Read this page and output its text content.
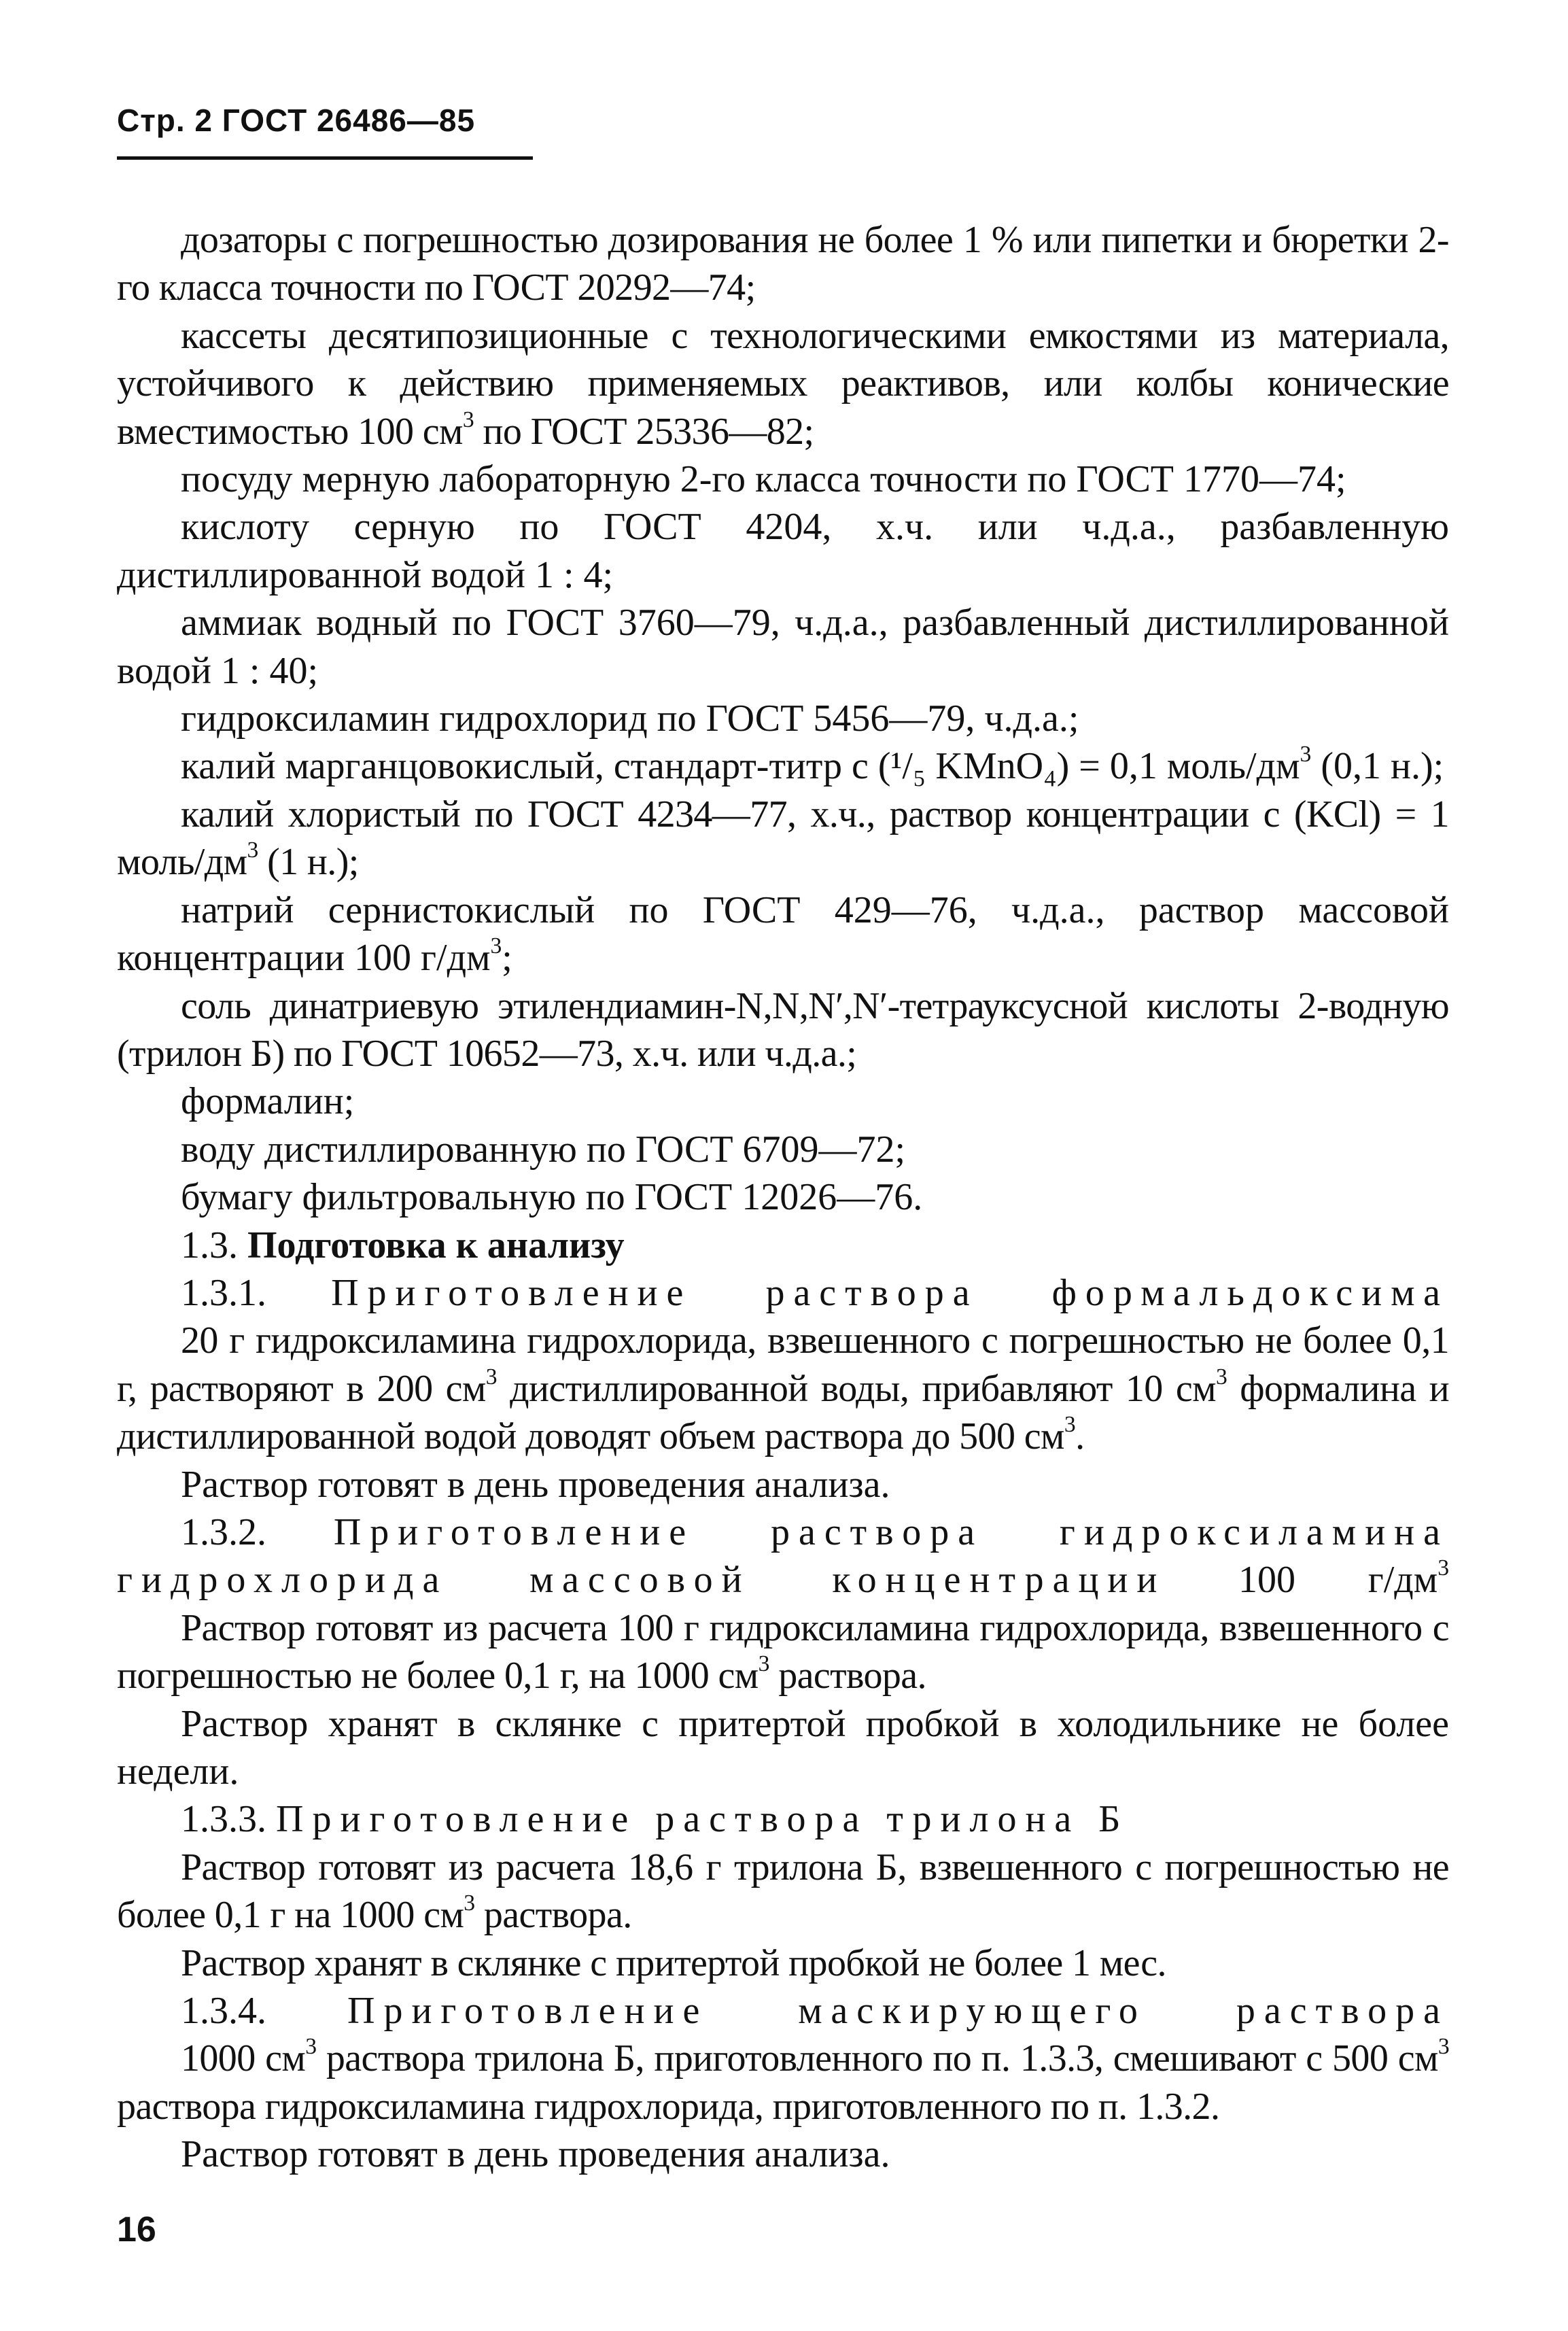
Стр. 2 ГОСТ 26486—85

дозаторы с погрешностью дозирования не более 1 % или пипетки и бюретки 2-го класса точности по ГОСТ 20292—74;

кассеты десятипозиционные с технологическими емкостями из материала, устойчивого к действию применяемых реактивов, или колбы конические вместимостью 100 $см^3$ по ГОСТ 25336—82;

посуду мерную лабораторную 2-го класса точности по ГОСТ 1770—74;

кислоту серную по ГОСТ 4204, х.ч. или ч.д.а., разбавленную дистиллированной водой 1 : 4;

аммиак водный по ГОСТ 3760—79, ч.д.а., разбавленный дистиллированной водой 1 : 40;

гидроксиламин гидрохлорид по ГОСТ 5456—79, ч.д.а.;

калий марганцовокислый, стандарт-титр с (¹/₅ KMnO₄) = 0,1 моль/$дм^3$ (0,1 н.);

калий хлористый по ГОСТ 4234—77, х.ч., раствор концентрации с (KCl) = 1 моль/$дм^3$ (1 н.);

натрий сернистокислый по ГОСТ 429—76, ч.д.а., раствор массовой концентрации 100 $г/дм^3$;

соль динатриевую этилендиамин-N,N,N′,N′-тетрауксусной кислоты 2-водную (трилон Б) по ГОСТ 10652—73, х.ч. или ч.д.а.;

формалин;

воду дистиллированную по ГОСТ 6709—72;

бумагу фильтровальную по ГОСТ 12026—76.

1.3. Подготовка к анализу

1.3.1. Приготовление раствора формальдоксима

20 г гидроксиламина гидрохлорида, взвешенного с погрешностью не более 0,1 г, растворяют в 200 $см^3$ дистиллированной воды, прибавляют 10 $см^3$ формалина и дистиллированной водой доводят объем раствора до 500 $см^3$.

Раствор готовят в день проведения анализа.

1.3.2. Приготовление раствора гидроксиламина гидрохлорида массовой концентрации 100 $г/дм^3$

Раствор готовят из расчета 100 г гидроксиламина гидрохлорида, взвешенного с погрешностью не более 0,1 г, на 1000 $см^3$ раствора.

Раствор хранят в склянке с притертой пробкой в холодильнике не более недели.

1.3.3. Приготовление раствора трилона Б

Раствор готовят из расчета 18,6 г трилона Б, взвешенного с погрешностью не более 0,1 г на 1000 $см^3$ раствора.

Раствор хранят в склянке с притертой пробкой не более 1 мес.

1.3.4. Приготовление маскирующего раствора

1000 $см^3$ раствора трилона Б, приготовленного по п. 1.3.3, смешивают с 500 $см^3$ раствора гидроксиламина гидрохлорида, приготовленного по п. 1.3.2.

Раствор готовят в день проведения анализа.

16
